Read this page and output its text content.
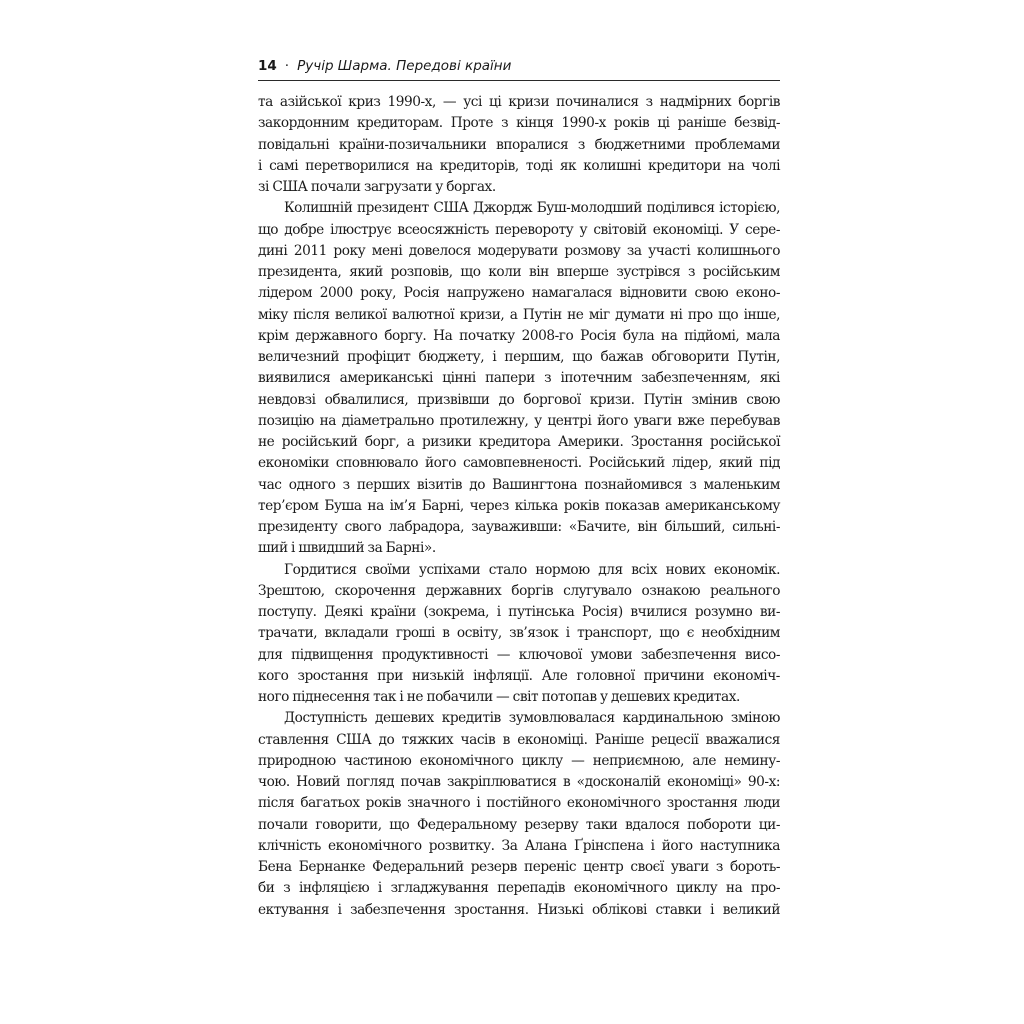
14 · Ручір Шарма. Передові країни
та азійської криз 1990-х, — усі ці кризи починалися з надмірних боргів
закордонним кредиторам. Проте з кінця 1990-х років ці раніше безвід-
повідальні країни-позичальники впоралися з бюджетними проблемами
і самі перетворилися на кредиторів, тоді як колишні кредитори на чолі
зі США почали загрузати у боргах.
Колишній президент США Джордж Буш-молодший поділився історією,
що добре ілюструє всеосяжність перевороту у світовій економіці. У сере-
дині 2011 року мені довелося модерувати розмову за участі колишнього
президента, який розповів, що коли він вперше зустрівся з російським
лідером 2000 року, Росія напружено намагалася відновити свою еконо-
міку після великої валютної кризи, а Путін не міг думати ні про що інше,
крім державного боргу. На початку 2008-го Росія була на підйомі, мала
величезний профіцит бюджету, і першим, що бажав обговорити Путін,
виявилися американські цінні папери з іпотечним забезпеченням, які
невдовзі обвалилися, призвівши до боргової кризи. Путін змінив свою
позицію на діаметрально протилежну, у центрі його уваги вже перебував
не російський борг, а ризики кредитора Америки. Зростання російської
економіки сповнювало його самовпевненості. Російський лідер, який під
час одного з перших візитів до Вашингтона познайомився з маленьким
тер’єром Буша на ім’я Барні, через кілька років показав американському
президенту свого лабрадора, зауваживши: «Бачите, він більший, сильні-
ший і швидший за Барні».
Гордитися своїми успіхами стало нормою для всіх нових економік.
Зрештою, скорочення державних боргів слугувало ознакою реального
поступу. Деякі країни (зокрема, і путінська Росія) вчилися розумно ви-
трачати, вкладали гроші в освіту, зв’язок і транспорт, що є необхідним
для підвищення продуктивності — ключової умови забезпечення висо-
кого зростання при низькій інфляції. Але головної причини економіч-
ного піднесення так і не побачили — світ потопав у дешевих кредитах.
Доступність дешевих кредитів зумовлювалася кардинальною зміною
ставлення США до тяжких часів в економіці. Раніше рецесії вважалися
природною частиною економічного циклу — неприємною, але немину-
чою. Новий погляд почав закріплюватися в «досконалій економіці» 90-х:
після багатьох років значного і постійного економічного зростання люди
почали говорити, що Федеральному резерву таки вдалося побороти ци-
клічність економічного розвитку. За Алана Ґрінспена і його наступника
Бена Бернанке Федеральний резерв переніс центр своєї уваги з бороть-
би з інфляцією і згладжування перепадів економічного циклу на про-
ектування і забезпечення зростання. Низькі облікові ставки і великий
